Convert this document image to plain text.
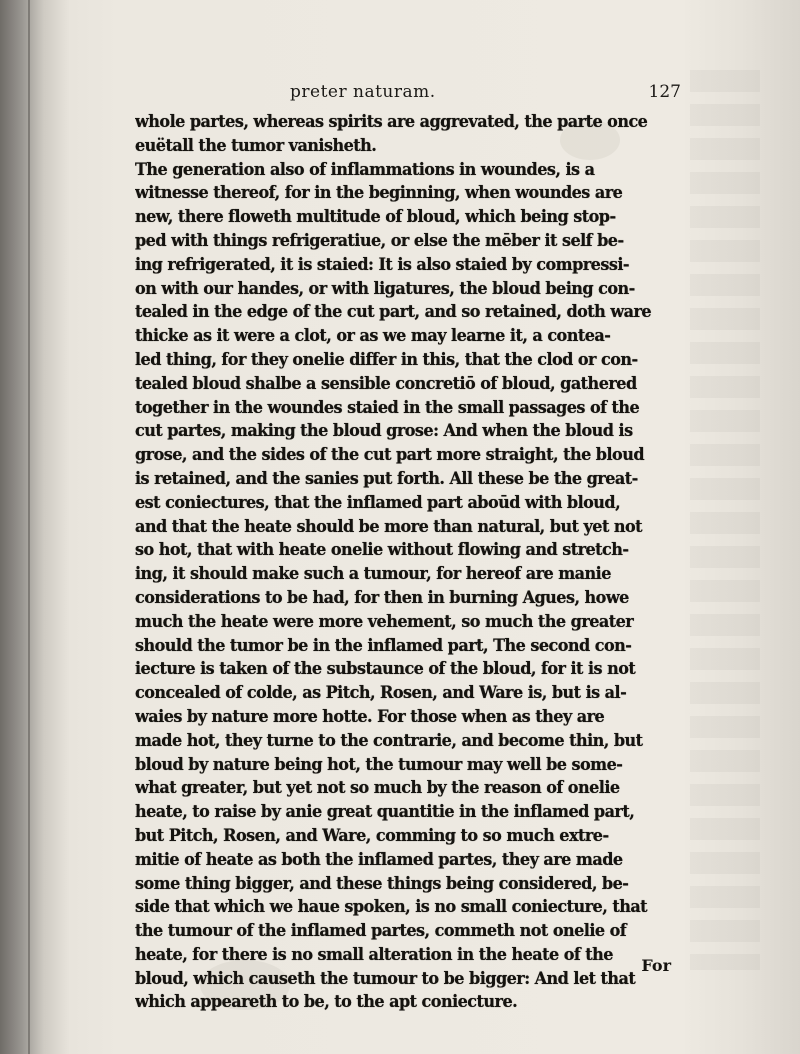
preter naturam.	127
whole partes, whereas spirits are aggrevated, the parte once
euëtall the tumor vanisheth.
The generation also of inflammations in woundes, is a
witnesse thereof, for in the beginning, when woundes are
new, there floweth multitude of bloud, which being stop-
ped with things refrigeratiue, or else the mēber it self be-
ing refrigerated, it is staied: It is also staied by compressi-
on with our handes, or with ligatures, the bloud being con-
tealed in the edge of the cut part, and so retained, doth ware
thicke as it were a clot, or as we may learne it, a contea-
led thing, for they onelie differ in this, that the clod or con-
tealed bloud shalbe a sensible concretiō of bloud, gathered
together in the woundes staied in the small passages of the
cut partes, making the bloud grose: And when the bloud is
grose, and the sides of the cut part more straight, the bloud
is retained, and the sanies put forth. All these be the great-
est coniectures, that the inflamed part aboūd with bloud,
and that the heate should be more than natural, but yet not
so hot, that with heate onelie without flowing and stretch-
ing, it should make such a tumour, for hereof are manie
considerations to be had, for then in burning Agues, howe
much the heate were more vehement, so much the greater
should the tumor be in the inflamed part, The second con-
iecture is taken of the substaunce of the bloud, for it is not
concealed of colde, as Pitch, Rosen, and Ware is, but is al-
waies by nature more hotte. For those when as they are
made hot, they turne to the contrarie, and become thin, but
bloud by nature being hot, the tumour may well be some-
what greater, but yet not so much by the reason of onelie
heate, to raise by anie great quantitie in the inflamed part,
but Pitch, Rosen, and Ware, comming to so much extre-
mitie of heate as both the inflamed partes, they are made
some thing bigger, and these things being considered, be-
side that which we haue spoken, is no small coniecture, that
the tumour of the inflamed partes, commeth not onelie of
heate, for there is no small alteration in the heate of the
bloud, which causeth the tumour to be bigger: And let that
which appeareth to be, to the apt coniecture.
For
